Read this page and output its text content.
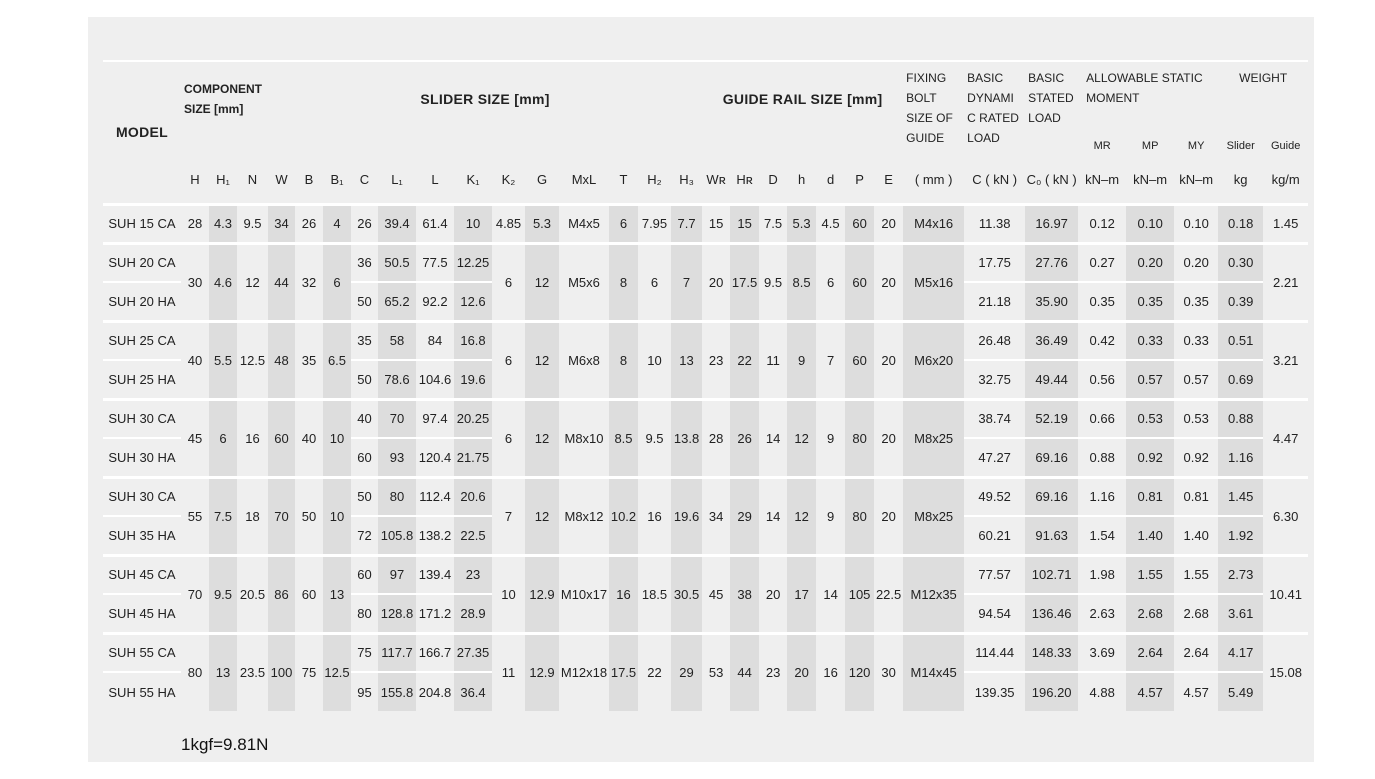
MODEL	COMPONENT SIZE [mm]			SLIDER SIZE [mm]													GUIDE RAIL SIZE [mm]							FIXING BOLT SIZE OF GUIDE	BASIC DYNAMI C RATED LOAD	BASIC STATED LOAD	ALLOWABLE STATIC MOMENT			WEIGHT	
																											MR	MP	MY	Slider	Guide
	H	H₁	N	W	B	B₁	C	L₁	L	K₁	K₂	G	MxL	T	H₂	H₃	Wʀ	Hʀ	D	h	d	P	E	( mm )	C ( kN )	C₀ ( kN )	kN–m	kN–m	kN–m	kg	kg/m
SUH 15 CA	28	4.3	9.5	34	26	4	26	39.4	61.4	10	4.85	5.3	M4x5	6	7.95	7.7	15	15	7.5	5.3	4.5	60	20	M4x16	11.38	16.97	0.12	0.10	0.10	0.18	1.45
SUH 20 CA	30	4.6	12	44	32	6	36	50.5	77.5	12.25	6	12	M5x6	8	6	7	20	17.5	9.5	8.5	6	60	20	M5x16	17.75	27.76	0.27	0.20	0.20	0.30	2.21
SUH 20 HA							50	65.2	92.2	12.6															21.18	35.90	0.35	0.35	0.35	0.39	
SUH 25 CA	40	5.5	12.5	48	35	6.5	35	58	84	16.8	6	12	M6x8	8	10	13	23	22	11	9	7	60	20	M6x20	26.48	36.49	0.42	0.33	0.33	0.51	3.21
SUH 25 HA							50	78.6	104.6	19.6															32.75	49.44	0.56	0.57	0.57	0.69	
SUH 30 CA	45	6	16	60	40	10	40	70	97.4	20.25	6	12	M8x10	8.5	9.5	13.8	28	26	14	12	9	80	20	M8x25	38.74	52.19	0.66	0.53	0.53	0.88	4.47
SUH 30 HA							60	93	120.4	21.75															47.27	69.16	0.88	0.92	0.92	1.16	
SUH 30 CA	55	7.5	18	70	50	10	50	80	112.4	20.6	7	12	M8x12	10.2	16	19.6	34	29	14	12	9	80	20	M8x25	49.52	69.16	1.16	0.81	0.81	1.45	6.30
SUH 35 HA							72	105.8	138.2	22.5															60.21	91.63	1.54	1.40	1.40	1.92	
SUH 45 CA	70	9.5	20.5	86	60	13	60	97	139.4	23	10	12.9	M10x17	16	18.5	30.5	45	38	20	17	14	105	22.5	M12x35	77.57	102.71	1.98	1.55	1.55	2.73	10.41
SUH 45 HA							80	128.8	171.2	28.9															94.54	136.46	2.63	2.68	2.68	3.61	
SUH 55 CA	80	13	23.5	100	75	12.5	75	117.7	166.7	27.35	11	12.9	M12x18	17.5	22	29	53	44	23	20	16	120	30	M14x45	114.44	148.33	3.69	2.64	2.64	4.17	15.08
SUH 55 HA							95	155.8	204.8	36.4															139.35	196.20	4.88	4.57	4.57	5.49	
1kgf=9.81N
